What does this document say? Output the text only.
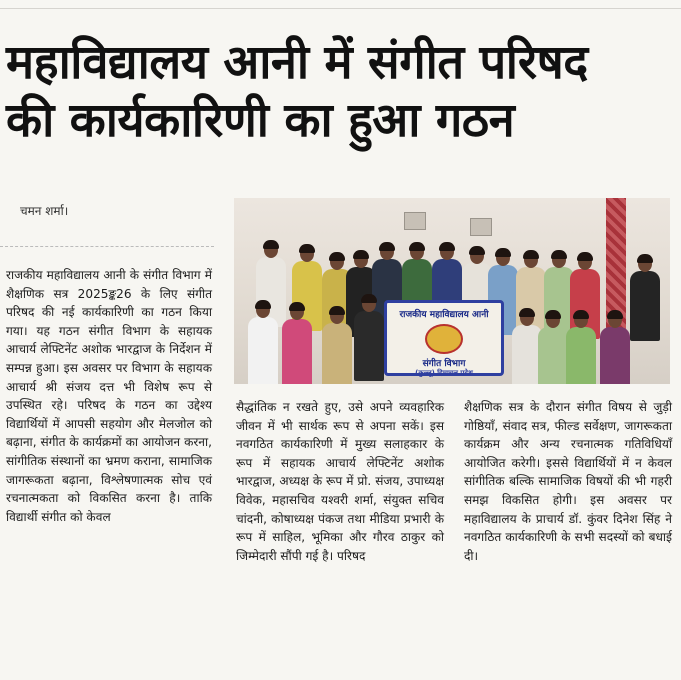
महाविद्यालय आनी में संगीत परिषद
की कार्यकारिणी का हुआ गठन
चमन शर्मा।
राजकीय महाविद्यालय आनी
संगीत विभाग
(कुल्लू) हिमाचल प्रदेश
राजकीय महाविद्यालय आनी के संगीत विभाग में शैक्षणिक सत्र 2025ङ्क26 के लिए संगीत परिषद की नई कार्यकारिणी का गठन किया गया। यह गठन संगीत विभाग के सहायक आचार्य लेफ्टिनेंट अशोक भारद्वाज के निर्देशन में सम्पन्न हुआ। इस अवसर पर विभाग के सहायक आचार्य श्री संजय दत्त भी विशेष रूप से उपस्थित रहे। परिषद के गठन का उद्देश्य विद्यार्थियों में आपसी सहयोग और मेलजोल को बढ़ाना, संगीत के कार्यक्रमों का आयोजन करना, सांगीतिक संस्थानों का भ्रमण कराना, सामाजिक जागरूकता बढ़ाना, विश्लेषणात्मक सोच एवं रचनात्मकता को विकसित करना है। ताकि विद्यार्थी संगीत को केवल
सैद्धांतिक न रखते हुए, उसे अपने व्यवहारिक जीवन में भी सार्थक रूप से अपना सकें। इस नवगठित कार्यकारिणी में मुख्य सलाहकार के रूप में सहायक आचार्य लेफ्टिनेंट अशोक भारद्वाज, अध्यक्ष के रूप में प्रो. संजय, उपाध्यक्ष विवेक, महासचिव यश्वरी शर्मा, संयुक्त सचिव चांदनी, कोषाध्यक्ष पंकज तथा मीडिया प्रभारी के रूप में साहिल, भूमिका और गौरव ठाकुर को जिम्मेदारी सौंपी गई है। परिषद
शैक्षणिक सत्र के दौरान संगीत विषय से जुड़ी गोष्ठियाँ, संवाद सत्र, फील्ड सर्वेक्षण, जागरूकता कार्यक्रम और अन्य रचनात्मक गतिविधियाँ आयोजित करेगी। इससे विद्यार्थियों में न केवल सांगीतिक बल्कि सामाजिक विषयों की भी गहरी समझ विकसित होगी। इस अवसर पर महाविद्यालय के प्राचार्य डॉ. कुंवर दिनेश सिंह ने नवगठित कार्यकारिणी के सभी सदस्यों को बधाई दी।
